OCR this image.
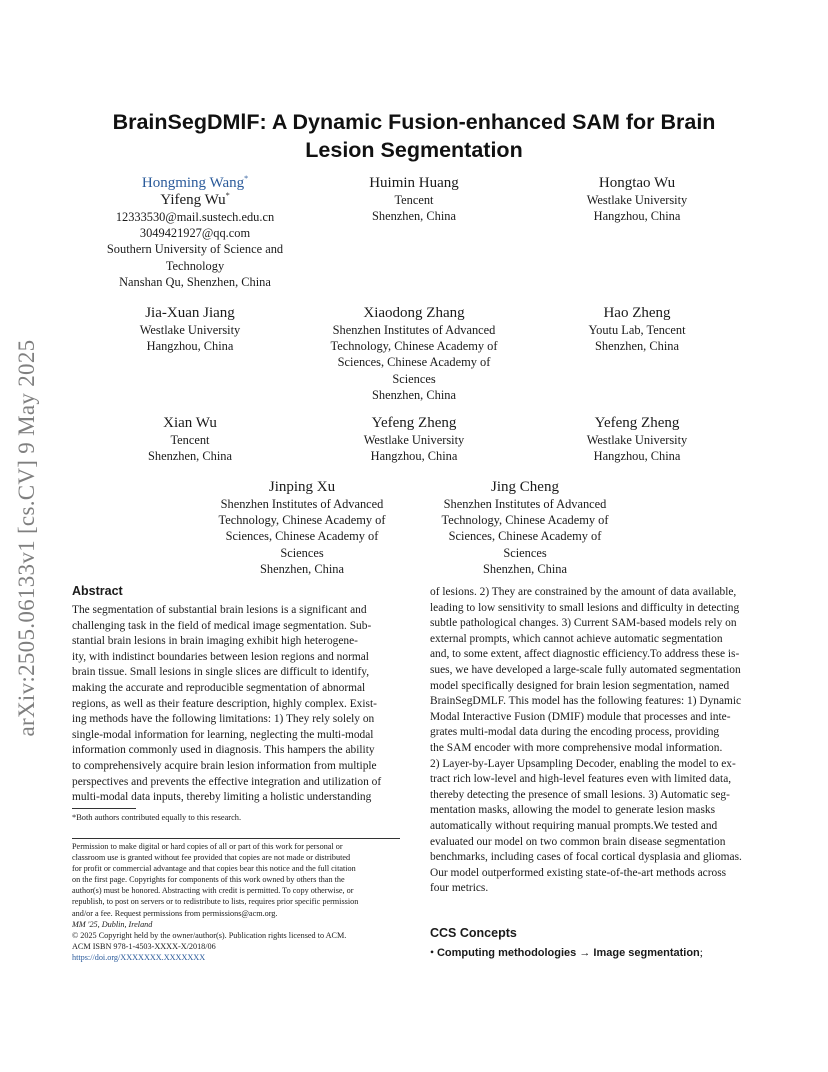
arXiv:2505.06133v1 [cs.CV] 9 May 2025
BrainSegDMlF: A Dynamic Fusion-enhanced SAM for Brain
Lesion Segmentation
Hongming Wang*
Yifeng Wu*
12333530@mail.sustech.edu.cn
3049421927@qq.com
Southern University of Science and
Technology
Nanshan Qu, Shenzhen, China
Huimin Huang
Tencent
Shenzhen, China
Hongtao Wu
Westlake University
Hangzhou, China
Jia-Xuan Jiang
Westlake University
Hangzhou, China
Xiaodong Zhang
Shenzhen Institutes of Advanced
Technology, Chinese Academy of
Sciences, Chinese Academy of
Sciences
Shenzhen, China
Hao Zheng
Youtu Lab, Tencent
Shenzhen, China
Xian Wu
Tencent
Shenzhen, China
Yefeng Zheng
Westlake University
Hangzhou, China
Yefeng Zheng
Westlake University
Hangzhou, China
Jinping Xu
Shenzhen Institutes of Advanced
Technology, Chinese Academy of
Sciences, Chinese Academy of
Sciences
Shenzhen, China
Jing Cheng
Shenzhen Institutes of Advanced
Technology, Chinese Academy of
Sciences, Chinese Academy of
Sciences
Shenzhen, China
Abstract

The segmentation of substantial brain lesions is a significant and

challenging task in the field of medical image segmentation. Sub-

stantial brain lesions in brain imaging exhibit high heterogene-

ity, with indistinct boundaries between lesion regions and normal

brain tissue. Small lesions in single slices are difficult to identify,

making the accurate and reproducible segmentation of abnormal

regions, as well as their feature description, highly complex. Exist-

ing methods have the following limitations: 1) They rely solely on

single-modal information for learning, neglecting the multi-modal

information commonly used in diagnosis. This hampers the ability

to comprehensively acquire brain lesion information from multiple

perspectives and prevents the effective integration and utilization of

multi-modal data inputs, thereby limiting a holistic understanding

*Both authors contributed equally to this research.
Permission to make digital or hard copies of all or part of this work for personal or
classroom use is granted without fee provided that copies are not made or distributed
for profit or commercial advantage and that copies bear this notice and the full citation
on the first page. Copyrights for components of this work owned by others than the
author(s) must be honored. Abstracting with credit is permitted. To copy otherwise, or
republish, to post on servers or to redistribute to lists, requires prior specific permission
and/or a fee. Request permissions from permissions@acm.org.
MM '25, Dublin, Ireland
© 2025 Copyright held by the owner/author(s). Publication rights licensed to ACM.
ACM ISBN 978-1-4503-XXXX-X/2018/06
https://doi.org/XXXXXXX.XXXXXXX

of lesions. 2) They are constrained by the amount of data available,

leading to low sensitivity to small lesions and difficulty in detecting

subtle pathological changes. 3) Current SAM-based models rely on

external prompts, which cannot achieve automatic segmentation

and, to some extent, affect diagnostic efficiency.To address these is-

sues, we have developed a large-scale fully automated segmentation

model specifically designed for brain lesion segmentation, named

BrainSegDMLF. This model has the following features: 1) Dynamic

Modal Interactive Fusion (DMIF) module that processes and inte-

grates multi-modal data during the encoding process, providing

the SAM encoder with more comprehensive modal information.

2) Layer-by-Layer Upsampling Decoder, enabling the model to ex-

tract rich low-level and high-level features even with limited data,

thereby detecting the presence of small lesions. 3) Automatic seg-

mentation masks, allowing the model to generate lesion masks

automatically without requiring manual prompts.We tested and

evaluated our model on two common brain disease segmentation

benchmarks, including cases of focal cortical dysplasia and gliomas.

Our model outperformed existing state-of-the-art methods across

four metrics.

CCS Concepts
• Computing methodologies → Image segmentation;
